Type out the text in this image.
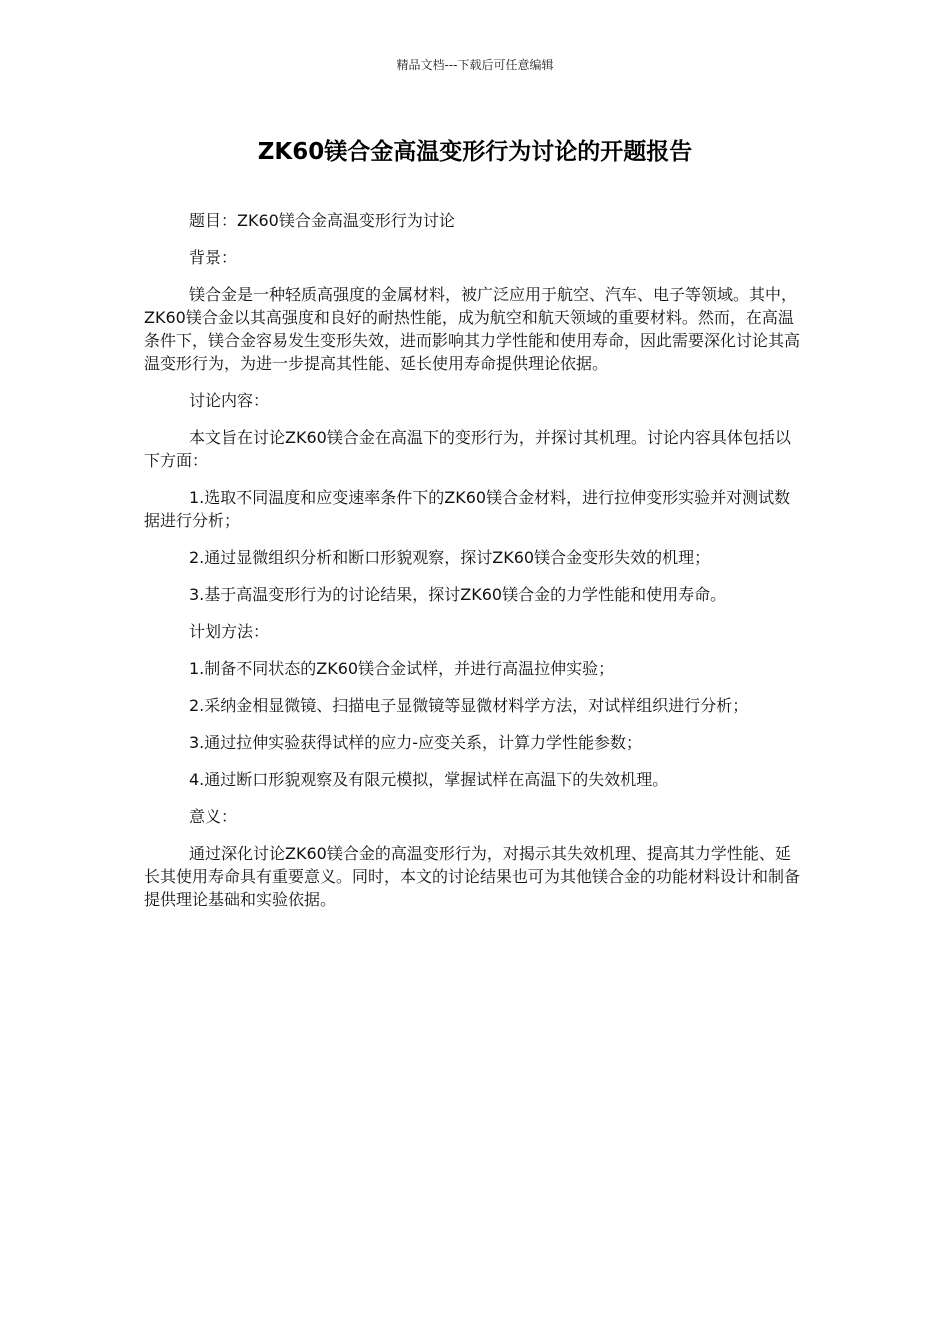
精品文档---下载后可任意编辑
ZK60镁合金高温变形行为讨论的开题报告

题目：ZK60镁合金高温变形行为讨论

背景：

镁合金是一种轻质高强度的金属材料，被广泛应用于航空、汽车、电子等领域。其中，ZK60镁合金以其高强度和良好的耐热性能，成为航空和航天领域的重要材料。然而，在高温条件下，镁合金容易发生变形失效，进而影响其力学性能和使用寿命，因此需要深化讨论其高温变形行为，为进一步提高其性能、延长使用寿命提供理论依据。

讨论内容：

本文旨在讨论ZK60镁合金在高温下的变形行为，并探讨其机理。讨论内容具体包括以下方面：

1.选取不同温度和应变速率条件下的ZK60镁合金材料，进行拉伸变形实验并对测试数据进行分析；

2.通过显微组织分析和断口形貌观察，探讨ZK60镁合金变形失效的机理；

3.基于高温变形行为的讨论结果，探讨ZK60镁合金的力学性能和使用寿命。

计划方法：

1.制备不同状态的ZK60镁合金试样，并进行高温拉伸实验；

2.采纳金相显微镜、扫描电子显微镜等显微材料学方法，对试样组织进行分析；

3.通过拉伸实验获得试样的应力-应变关系，计算力学性能参数；

4.通过断口形貌观察及有限元模拟，掌握试样在高温下的失效机理。

意义：

通过深化讨论ZK60镁合金的高温变形行为，对揭示其失效机理、提高其力学性能、延长其使用寿命具有重要意义。同时，本文的讨论结果也可为其他镁合金的功能材料设计和制备提供理论基础和实验依据。
